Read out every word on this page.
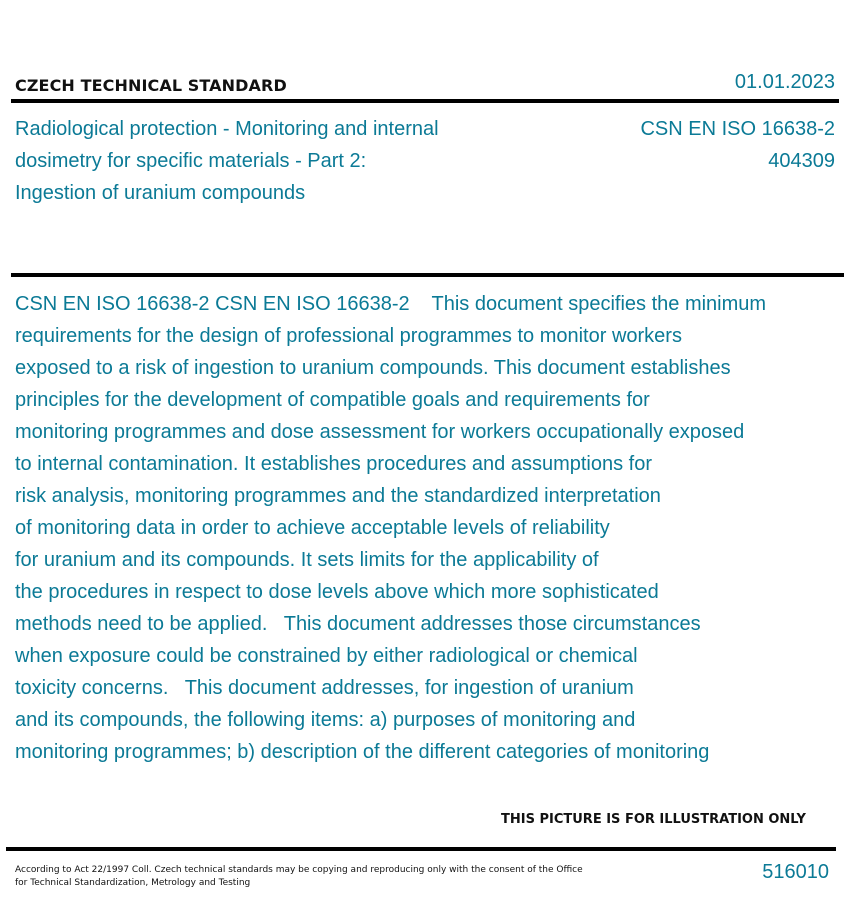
CZECH TECHNICAL STANDARD	01.01.2023
Radiological protection - Monitoring and internal
dosimetry for specific materials - Part 2:
Ingestion of uranium compounds
CSN EN ISO 16638-2
404309
CSN EN ISO 16638-2 CSN EN ISO 16638-2    This document specifies the minimum
requirements for the design of professional programmes to monitor workers
exposed to a risk of ingestion to uranium compounds. This document establishes
principles for the development of compatible goals and requirements for
monitoring programmes and dose assessment for workers occupationally exposed
to internal contamination. It establishes procedures and assumptions for
risk analysis, monitoring programmes and the standardized interpretation
of monitoring data in order to achieve acceptable levels of reliability
for uranium and its compounds. It sets limits for the applicability of
the procedures in respect to dose levels above which more sophisticated
methods need to be applied.   This document addresses those circumstances
when exposure could be constrained by either radiological or chemical
toxicity concerns.   This document addresses, for ingestion of uranium
and its compounds, the following items: a) purposes of monitoring and
monitoring programmes; b) description of the different categories of monitoring
THIS PICTURE IS FOR ILLUSTRATION ONLY
According to Act 22/1997 Coll. Czech technical standards may be copying and reproducing only with the consent of the Office
for Technical Standardization, Metrology and Testing	516010
